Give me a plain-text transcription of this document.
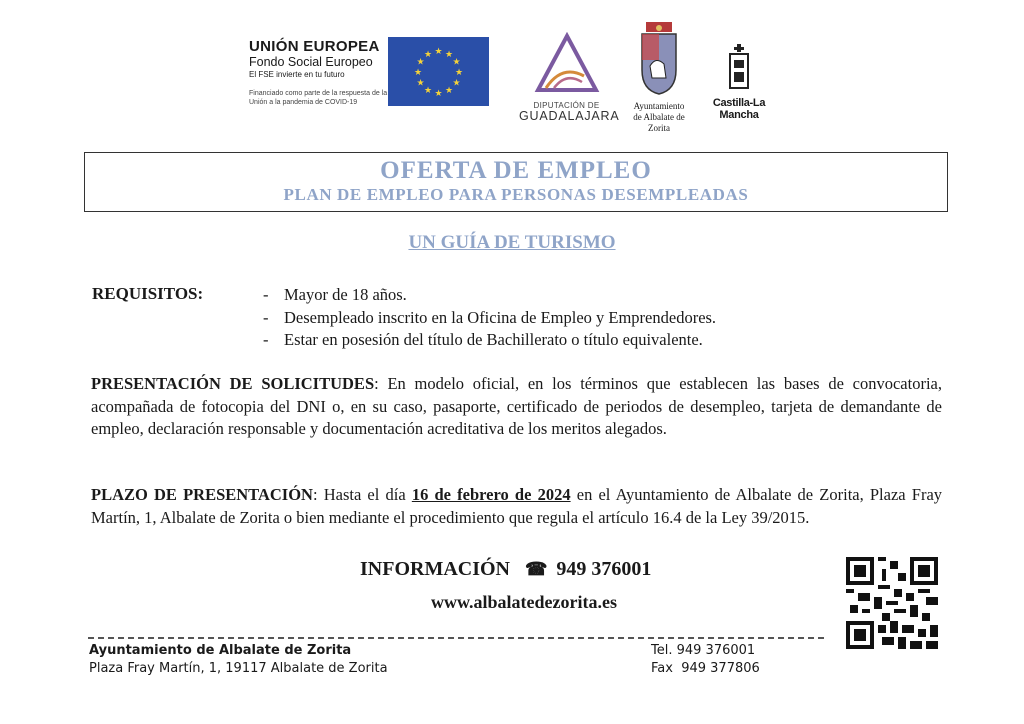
UNIÓN EUROPEA
Fondo Social Europeo
El FSE invierte en tu futuro
Financiado como parte de la respuesta de la Unión a la pandemia de COVID-19
★ ★
★
★
★
★
★
★
★
★
★
★
DIPUTACIÓN DE
GUADALAJARA
Ayuntamiento
de Albalate de
Zorita
Castilla-La Mancha
OFERTA DE EMPLEO
PLAN DE EMPLEO PARA PERSONAS DESEMPLEADAS
UN GUÍA DE TURISMO
REQUISITOS:
-	Mayor de 18 años.
- Desempleado inscrito en la Oficina de Empleo y Emprendedores.
- Estar en posesión del título de Bachillerato o título equivalente.
PRESENTACIÓN DE SOLICITUDES: En modelo oficial, en los términos que establecen las bases de convocatoria, acompañada de fotocopia del DNI o, en su caso, pasaporte, certificado de periodos de desempleo, tarjeta de demandante de empleo, declaración responsable y documentación acreditativa de los meritos alegados.
PLAZO DE PRESENTACIÓN: Hasta el día 16 de febrero de 2024 en el Ayuntamiento de Albalate de Zorita, Plaza Fray Martín, 1, Albalate de Zorita o bien mediante el procedimiento que regula el artículo 16.4 de la Ley 39/2015.
INFORMACIÓN ☎ 949 376001
www.albalatedezorita.es
Ayuntamiento de Albalate de Zorita
Plaza Fray Martín, 1, 19117 Albalate de Zorita
Tel. 949 376001
Fax  949 377806
